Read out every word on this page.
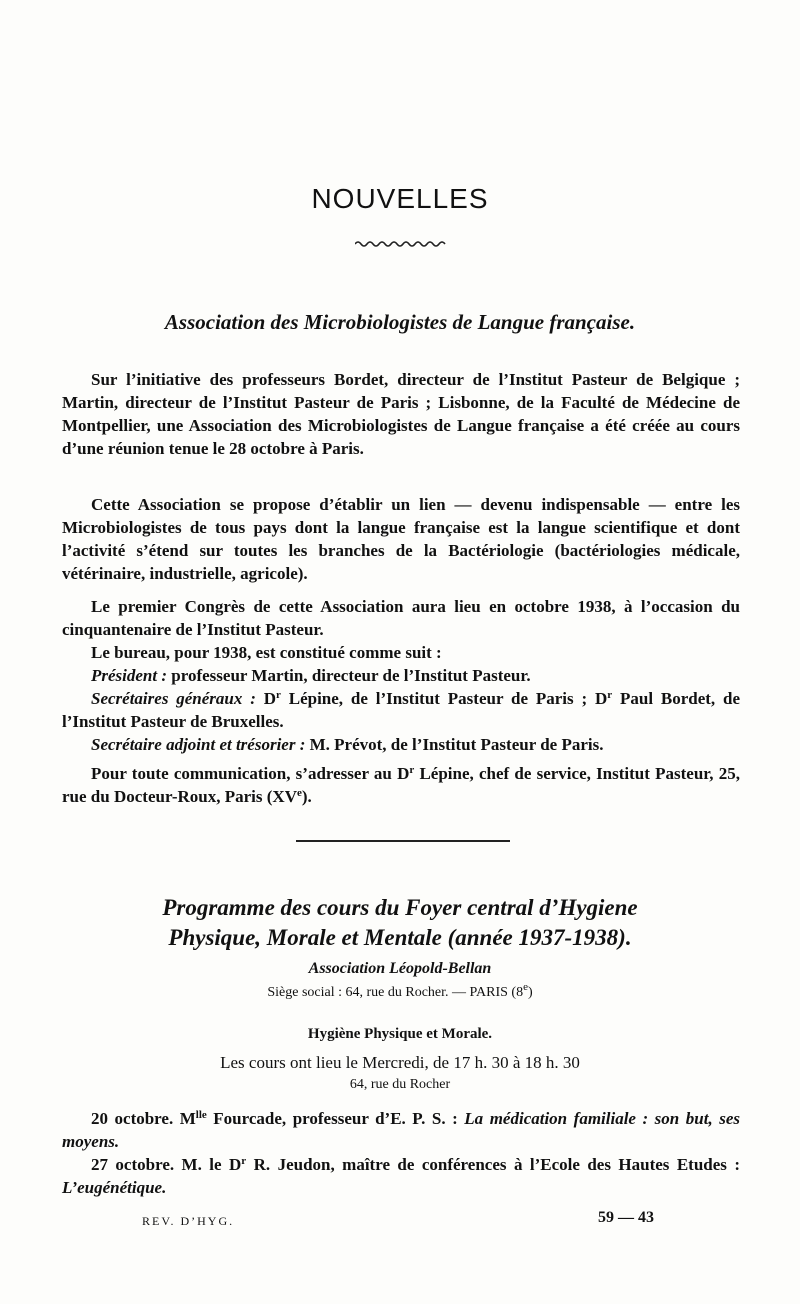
NOUVELLES
Association des Microbiologistes de Langue française.

Sur l’initiative des professeurs Bordet, directeur de l’Institut Pasteur de Belgique ; Martin, directeur de l’Institut Pasteur de Paris ; Lisbonne, de la Faculté de Médecine de Montpellier, une Association des Microbiologistes de Langue française a été créée au cours d’une réunion tenue le 28 octobre à Paris.

Cette Association se propose d’établir un lien — devenu indispensable — entre les Microbiologistes de tous pays dont la langue française est la langue scientifique et dont l’activité s’étend sur toutes les branches de la Bactériologie (bactériologies médicale, vétérinaire, industrielle, agricole).

Le premier Congrès de cette Association aura lieu en octobre 1938, à l’occasion du cinquantenaire de l’Institut Pasteur.

Le bureau, pour 1938, est constitué comme suit :

Président : professeur Martin, directeur de l’Institut Pasteur.

Secrétaires généraux : $D^r$ Lépine, de l’Institut Pasteur de Paris ; $D^r$ Paul Bordet, de l’Institut Pasteur de Bruxelles.

Secrétaire adjoint et trésorier : M. Prévot, de l’Institut Pasteur de Paris.

Pour toute communication, s’adresser au $D^r$ Lépine, chef de service, Institut Pasteur, 25, rue du Docteur-Roux, Paris (XVe).

Programme des cours du Foyer central d’Hygiene
Physique, Morale et Mentale (année 1937-1938).
Association Léopold-Bellan
Siège social : 64, rue du Rocher. — PARIS (8e)
Hygiène Physique et Morale.
Les cours ont lieu le Mercredi, de 17 h. 30 à 18 h. 30
64, rue du Rocher

20 octobre. $M^{lle}$ Fourcade, professeur d’E. P. S. : La médication familiale : son but, ses moyens.

27 octobre. M. le $D^r$ R. Jeudon, maître de conférences à l’Ecole des Hautes Etudes : L’eugénétique.

REV. D’HYG.	59 — 43
